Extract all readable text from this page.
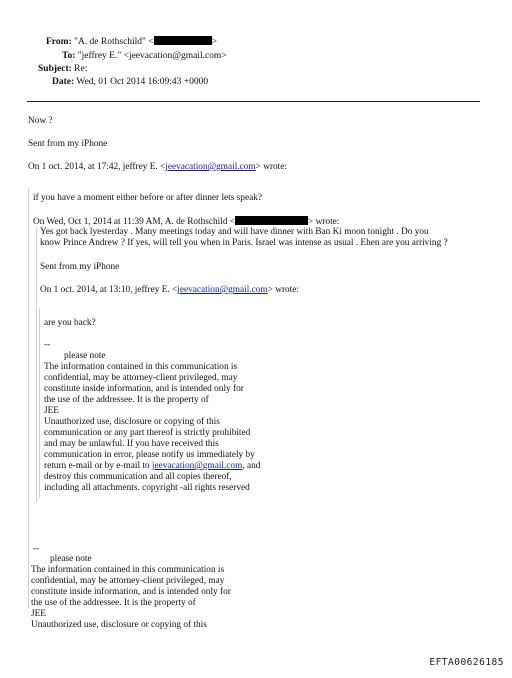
From: "A. de Rothschild" <	>
To: "jeffrey E." <jeevacation@gmail.com>
Subject: Re:
Date: Wed, 01 Oct 2014 16:09:43 +0000
Now ?
Sent from my iPhone
On 1 oct. 2014, at 17:42, jeffrey E. <jeevacation@gmail.com> wrote:
if you have a moment either before or after dinner lets speak?
On Wed, Oct 1, 2014 at 11:39 AM, A. de Rothschild <	> wrote:
Yes got back lyesterday . Many meetings today and will have dinner with Ban Ki moon tonight . Do you
know Prince Andrew ? If yes, will tell you when in Paris. Israel was intense as usual . Ehen are you arriving ?
Sent from my iPhone
On 1 oct. 2014, at 13:10, jeffrey E. <jeevacation@gmail.com> wrote:
are you back?
--
please note
The information contained in this communication is
confidential, may be attorney-client privileged, may
constitute inside information, and is intended only for
the use of the addressee. It is the property of
JEE
Unauthorized use, disclosure or copying of this
communication or any part thereof is strictly prohibited
and may be unlawful. If you have received this
communication in error, please notify us immediately by
return e-mail or by e-mail to jeevacation@gmail.com, and
destroy this communication and all copies thereof,
including all attachments. copyright -all rights reserved
--
please note
The information contained in this communication is
confidential, may be attorney-client privileged, may
constitute inside information, and is intended only for
the use of the addressee. It is the property of
JEE
Unauthorized use, disclosure or copying of this
EFTA00626185
